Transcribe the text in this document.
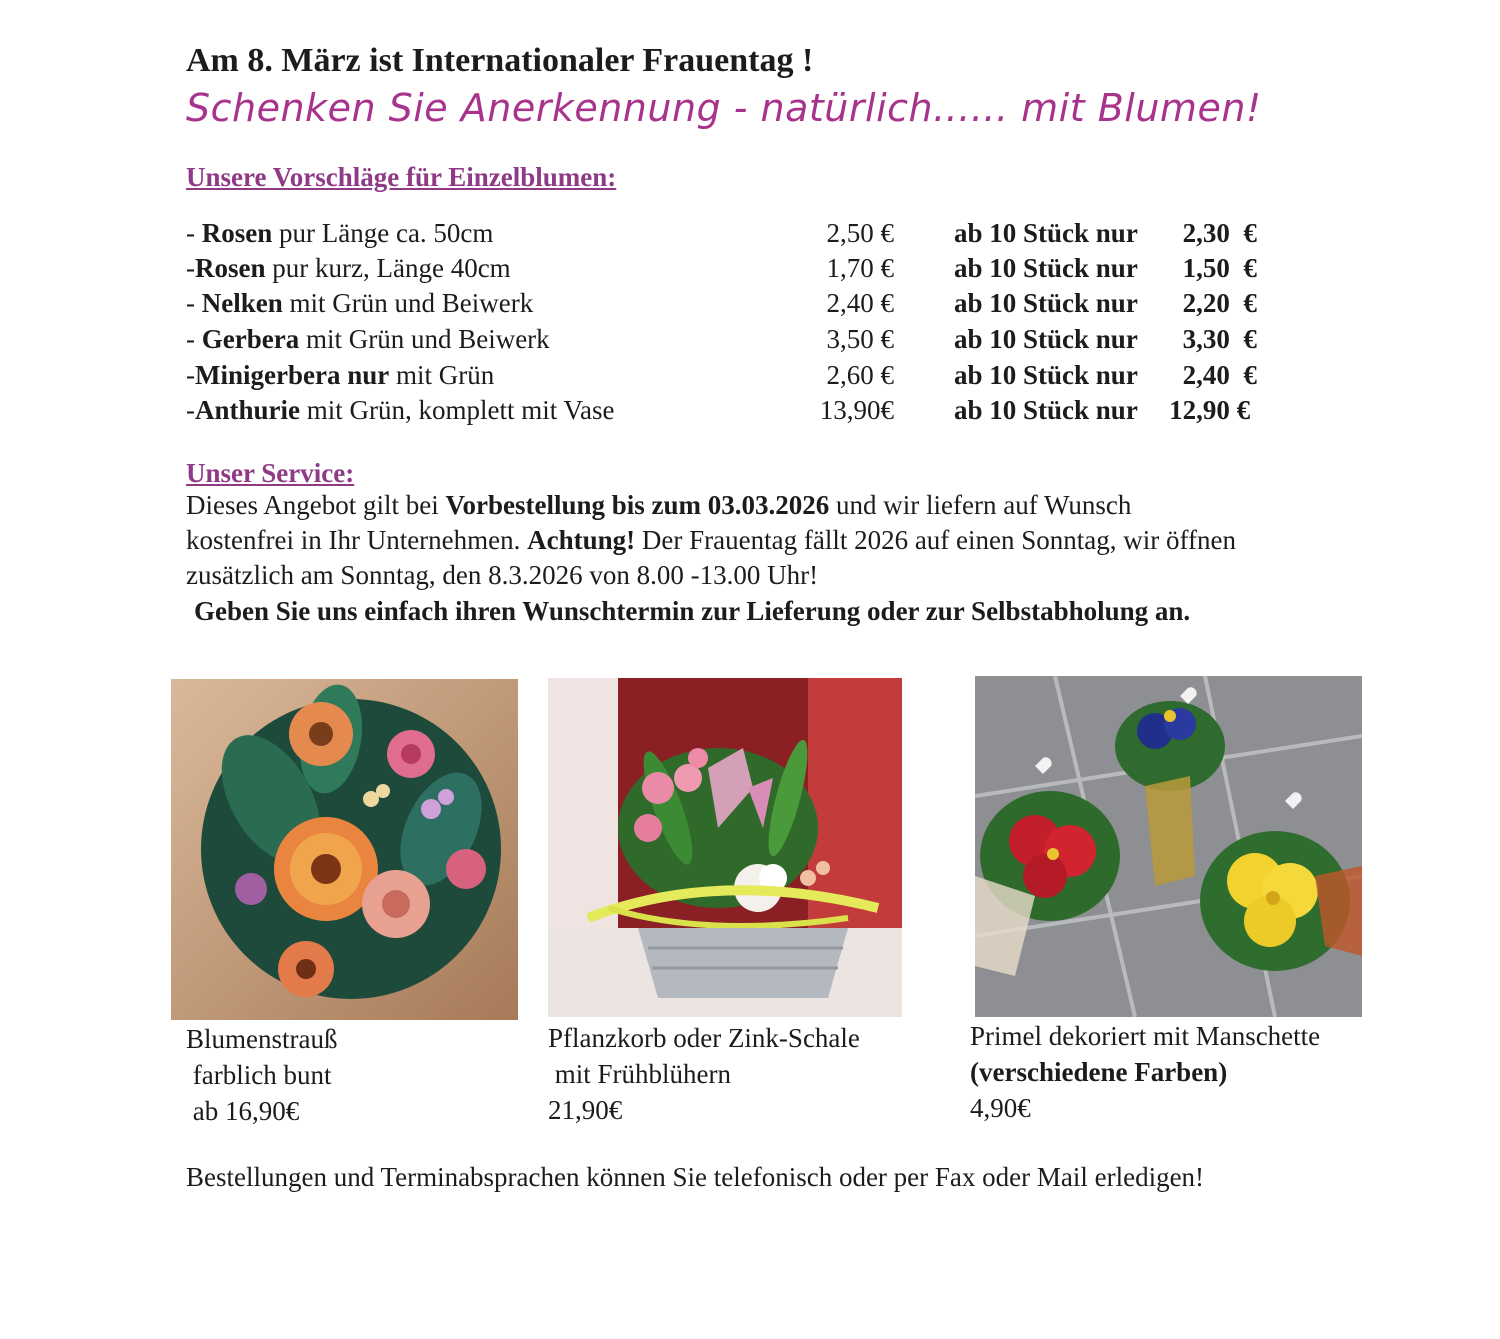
Am 8. März ist Internationaler Frauentag !
Schenken Sie Anerkennung - natürlich...... mit Blumen!
Unsere Vorschläge für Einzelblumen:
- Rosen pur Länge ca. 50cm	2,50 € ab 10 Stück nur 2,30 €
-Rosen pur kurz, Länge 40cm	1,70 € ab 10 Stück nur 1,50 €
- Nelken mit Grün und Beiwerk	2,40 € ab 10 Stück nur 2,20 €
- Gerbera mit Grün und Beiwerk	3,50 € ab 10 Stück nur 3,30 €
-Minigerbera nur mit Grün	2,60 € ab 10 Stück nur 2,40 €
-Anthurie mit Grün, komplett mit Vase	13,90€ ab 10 Stück nur 12,90 €
Unser Service:

Dieses Angebot gilt bei Vorbestellung bis zum 03.03.2026 und wir liefern auf Wunsch

kostenfrei in Ihr Unternehmen. Achtung! Der Frauentag fällt 2026 auf einen Sonntag, wir öffnen

zusätzlich am Sonntag, den 8.3.2026 von 8.00 -13.00 Uhr!

Geben Sie uns einfach ihren Wunschtermin zur Lieferung oder zur Selbstabholung an.
Blumenstrauß
farblich bunt
ab 16,90€
Pflanzkorb oder Zink-Schale
mit Frühblühern
21,90€
Primel dekoriert mit Manschette
(verschiedene Farben)
4,90€
Bestellungen und Terminabsprachen können Sie telefonisch oder per Fax oder Mail erledigen!
